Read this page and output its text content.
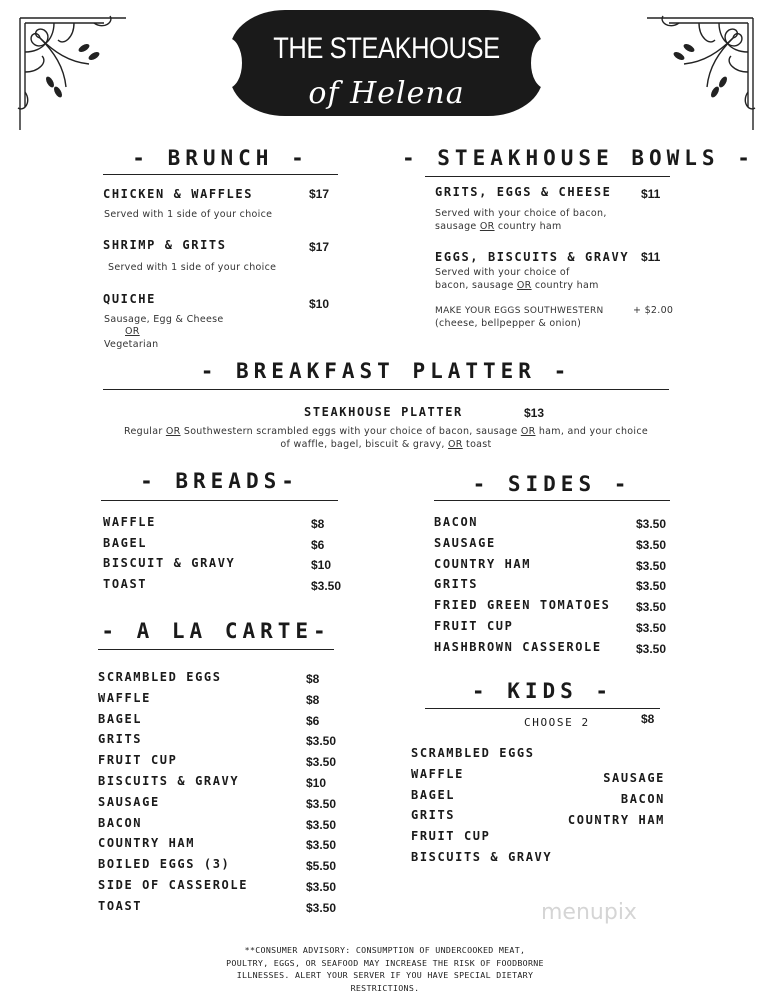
THE STEAKHOUSE
of Helena
- BRUNCH -
CHICKEN & WAFFLES	$17
Served with 1 side of your choice
SHRIMP & GRITS	$17
Served with 1 side of your choice
QUICHE	$10
Sausage, Egg & Cheese
OR
Vegetarian
- STEAKHOUSE BOWLS -
GRITS, EGGS & CHEESE $11
Served with your choice of bacon,
sausage OR country ham
EGGS, BISCUITS & GRAVY $11
Served with your choice of
bacon, sausage OR country ham
MAKE YOUR EGGS SOUTHWESTERN	+ $2.00
(cheese, bellpepper & onion)
- BREAKFAST PLATTER -
STEAKHOUSE PLATTER	$13
Regular OR Southwestern scrambled eggs with your choice of bacon, sausage OR ham, and your choice
of waffle, bagel, biscuit & gravy, OR toast
- BREADS-
WAFFLE	$8
BAGEL	$6
BISCUIT & GRAVY	$10
TOAST	$3.50
- SIDES -
BACON	$3.50
SAUSAGE	$3.50
COUNTRY HAM	$3.50
GRITS	$3.50
FRIED GREEN TOMATOES $3.50
FRUIT CUP	$3.50
HASHBROWN CASSEROLE	$3.50
- A LA CARTE-
SCRAMBLED EGGS	$8
WAFFLE	$8
BAGEL	$6
GRITS	$3.50
FRUIT CUP	$3.50
BISCUITS & GRAVY	$10
SAUSAGE	$3.50
BACON	$3.50
COUNTRY HAM	$3.50
BOILED EGGS (3)	$5.50
SIDE OF CASSEROLE	$3.50
TOAST	$3.50
- KIDS -
CHOOSE 2	$8
SCRAMBLED EGGS
WAFFLE
BAGEL
GRITS
FRUIT CUP
BISCUITS & GRAVY
SAUSAGE
BACON
COUNTRY HAM
**CONSUMER ADVISORY: CONSUMPTION OF UNDERCOOKED MEAT,
POULTRY, EGGS, OR SEAFOOD MAY INCREASE THE RISK OF FOODBORNE
ILLNESSES. ALERT YOUR SERVER IF YOU HAVE SPECIAL DIETARY
RESTRICTIONS.
menupix
